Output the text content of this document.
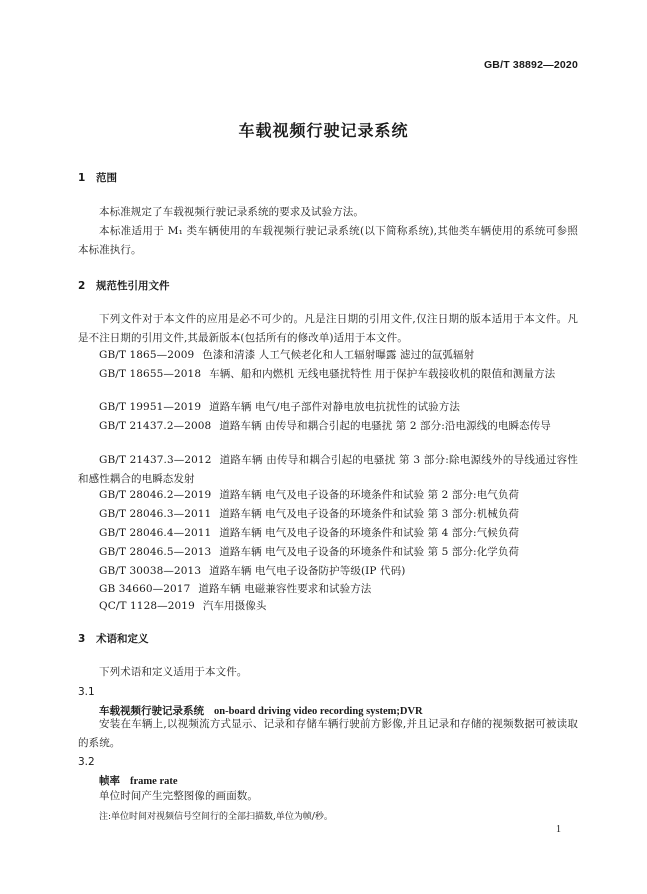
GB/T 38892—2020
车载视频行驶记录系统
1 范围
本标准规定了车载视频行驶记录系统的要求及试验方法。
本标准适用于 M₁ 类车辆使用的车载视频行驶记录系统(以下简称系统),其他类车辆使用的系统可参照本标准执行。
2 规范性引用文件
下列文件对于本文件的应用是必不可少的。凡是注日期的引用文件,仅注日期的版本适用于本文件。凡是不注日期的引用文件,其最新版本(包括所有的修改单)适用于本文件。
GB/T 1865—2009 色漆和清漆 人工气候老化和人工辐射曝露 滤过的氙弧辐射
GB/T 18655—2018 车辆、船和内燃机 无线电骚扰特性 用于保护车载接收机的限值和测量方法
GB/T 19951—2019 道路车辆 电气/电子部件对静电放电抗扰性的试验方法
GB/T 21437.2—2008 道路车辆 由传导和耦合引起的电骚扰 第 2 部分:沿电源线的电瞬态传导
GB/T 21437.3—2012 道路车辆 由传导和耦合引起的电骚扰 第 3 部分:除电源线外的导线通过容性和感性耦合的电瞬态发射
GB/T 28046.2—2019 道路车辆 电气及电子设备的环境条件和试验 第 2 部分:电气负荷
GB/T 28046.3—2011 道路车辆 电气及电子设备的环境条件和试验 第 3 部分:机械负荷
GB/T 28046.4—2011 道路车辆 电气及电子设备的环境条件和试验 第 4 部分:气候负荷
GB/T 28046.5—2013 道路车辆 电气及电子设备的环境条件和试验 第 5 部分:化学负荷
GB/T 30038—2013 道路车辆 电气电子设备防护等级(IP 代码)
GB 34660—2017 道路车辆 电磁兼容性要求和试验方法
QC/T 1128—2019 汽车用摄像头
3 术语和定义
下列术语和定义适用于本文件。
3.1
车载视频行驶记录系统 on-board driving video recording system;DVR
安装在车辆上,以视频流方式显示、记录和存储车辆行驶前方影像,并且记录和存储的视频数据可被读取的系统。
3.2
帧率 frame rate
单位时间产生完整图像的画面数。
注:单位时间对视频信号空间行的全部扫描数,单位为帧/秒。
1
